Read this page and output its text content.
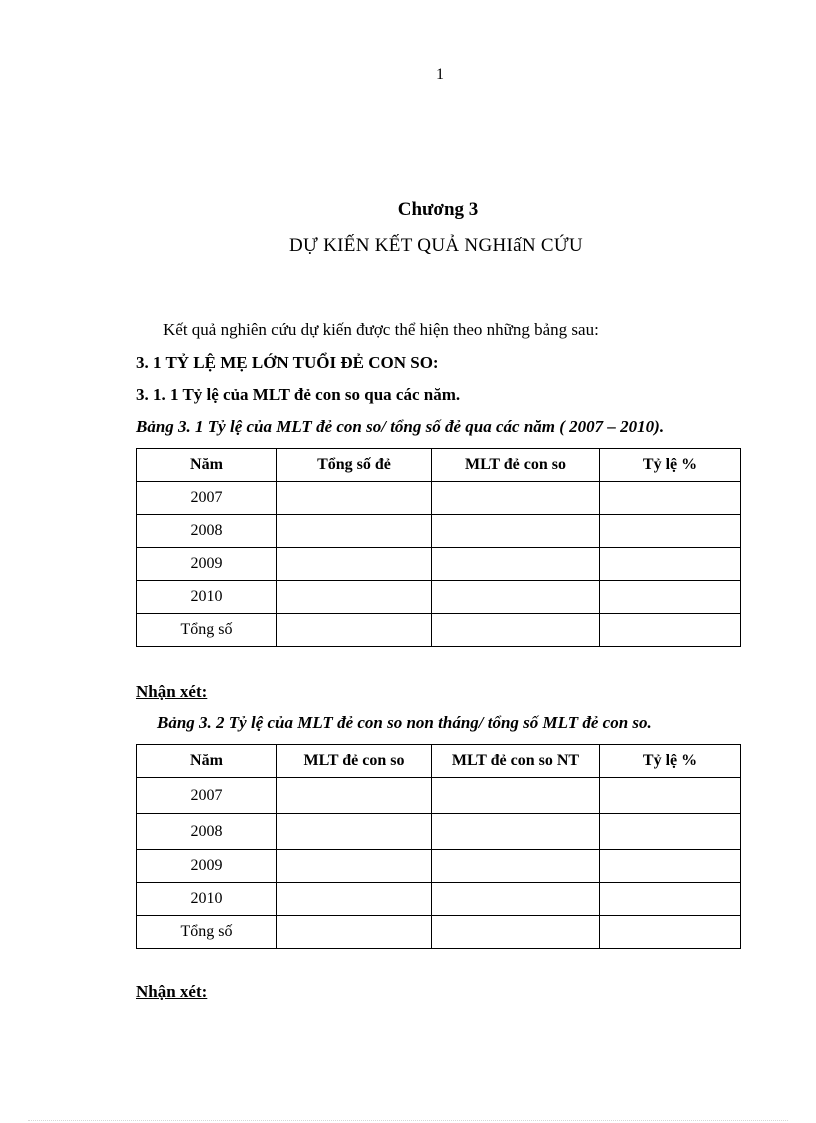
1
Chương 3
DỰ KIẾN KẾT QUẢ NGHIấN CỨU
Kết quả nghiên cứu dự kiến được thể hiện theo những bảng sau:
3. 1 TỶ LỆ MẸ LỚN TUỔI ĐẺ CON SO:
3. 1. 1 Tỷ lệ của MLT đẻ con so qua các năm.
Bảng 3. 1 Tỷ lệ của MLT đẻ con so/ tổng số đẻ qua các năm ( 2007 – 2010).
Năm	Tổng số đẻ	MLT đẻ con so	Tỷ lệ %
2007			
2008			
2009			
2010			
Tổng số			
Nhận xét:
Bảng 3. 2 Tỷ lệ của MLT đẻ con so non tháng/ tổng số MLT đẻ con so.
Năm	MLT đẻ con so	MLT đẻ con so NT	Tỷ lệ %
2007			
2008			
2009			
2010			
Tổng số			
Nhận xét:
